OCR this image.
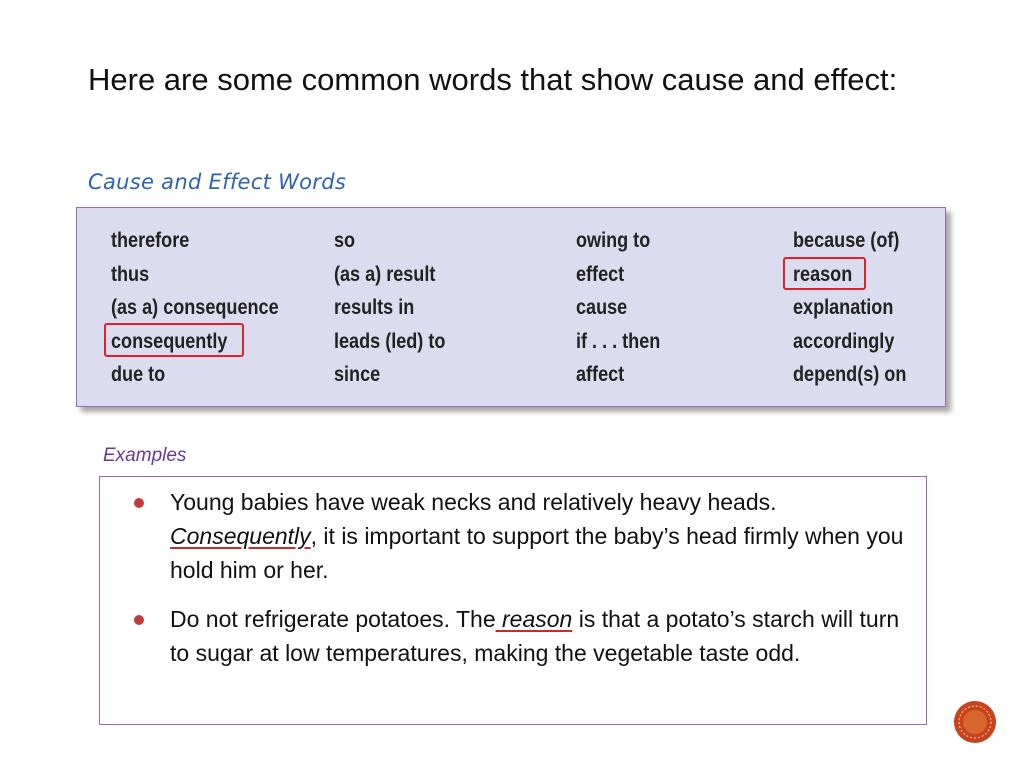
Here are some common words that show cause and effect:
Cause and Effect Words
therefore
thus
(as a) consequence
consequently
due to
so
(as a) result
results in
leads (led) to
since
owing to
effect
cause
if . . . then
affect
because (of)
reason
explanation
accordingly
depend(s) on
Examples
Young babies have weak necks and relatively heavy heads. Consequently, it is important to support the baby’s head firmly when you hold him or her.
Do not refrigerate potatoes. The reason is that a potato’s starch will turn to sugar at low temperatures, making the vegetable taste odd.
